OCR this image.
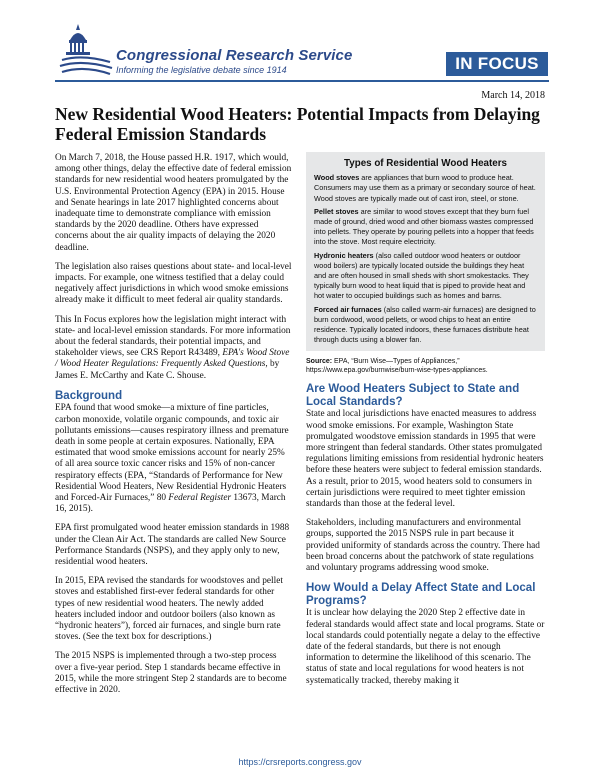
Congressional Research Service
Informing the legislative debate since 1914	IN FOCUS
March 14, 2018
New Residential Wood Heaters: Potential Impacts from Delaying Federal Emission Standards

On March 7, 2018, the House passed H.R. 1917, which would, among other things, delay the effective date of federal emission standards for new residential wood heaters promulgated by the U.S. Environmental Protection Agency (EPA) in 2015. House and Senate hearings in late 2017 highlighted concerns about inadequate time to demonstrate compliance with emission standards by the 2020 deadline. Others have expressed concerns about the air quality impacts of delaying the 2020 deadline.

The legislation also raises questions about state- and local-level impacts. For example, one witness testified that a delay could negatively affect jurisdictions in which wood smoke emissions already make it difficult to meet federal air quality standards.

This In Focus explores how the legislation might interact with state- and local-level emission standards. For more information about the federal standards, their potential impacts, and stakeholder views, see CRS Report R43489, EPA's Wood Stove / Wood Heater Regulations: Frequently Asked Questions, by James E. McCarthy and Kate C. Shouse.

Background

EPA found that wood smoke—a mixture of fine particles, carbon monoxide, volatile organic compounds, and toxic air pollutants emissions—causes respiratory illness and premature death in some people at certain exposures. Nationally, EPA estimated that wood smoke emissions account for nearly 25% of all area source toxic cancer risks and 15% of non-cancer respiratory effects (EPA, “Standards of Performance for New Residential Wood Heaters, New Residential Hydronic Heaters and Forced-Air Furnaces,” 80 Federal Register 13673, March 16, 2015).

EPA first promulgated wood heater emission standards in 1988 under the Clean Air Act. The standards are called New Source Performance Standards (NSPS), and they apply only to new, residential wood heaters.

In 2015, EPA revised the standards for woodstoves and pellet stoves and established first-ever federal standards for other types of new residential wood heaters. The newly added heaters included indoor and outdoor boilers (also known as “hydronic heaters”), forced air furnaces, and single burn rate stoves. (See the text box for descriptions.)

The 2015 NSPS is implemented through a two-step process over a five-year period. Step 1 standards became effective in 2015, while the more stringent Step 2 standards are to become effective in 2020.

Types of Residential Wood Heaters

Wood stoves are appliances that burn wood to produce heat. Consumers may use them as a primary or secondary source of heat. Wood stoves are typically made out of cast iron, steel, or stone.

Pellet stoves are similar to wood stoves except that they burn fuel made of ground, dried wood and other biomass wastes compressed into pellets. They operate by pouring pellets into a hopper that feeds into the stove. Most require electricity.

Hydronic heaters (also called outdoor wood heaters or outdoor wood boilers) are typically located outside the buildings they heat and are often housed in small sheds with short smokestacks. They typically burn wood to heat liquid that is piped to provide heat and hot water to occupied buildings such as homes and barns.

Forced air furnaces (also called warm-air furnaces) are designed to burn cordwood, wood pellets, or wood chips to heat an entire residence. Typically located indoors, these furnaces distribute heat through ducts using a blower fan.

Source: EPA, “Burn Wise—Types of Appliances,” https://www.epa.gov/burnwise/burn-wise-types-appliances.
Are Wood Heaters Subject to State and Local Standards?

State and local jurisdictions have enacted measures to address wood smoke emissions. For example, Washington State promulgated woodstove emission standards in 1995 that were more stringent than federal standards. Other states promulgated regulations limiting emissions from residential hydronic heaters before these heaters were subject to federal emission standards. As a result, prior to 2015, wood heaters sold to consumers in certain jurisdictions were required to meet tighter emission standards than those at the federal level.

Stakeholders, including manufacturers and environmental groups, supported the 2015 NSPS rule in part because it provided uniformity of standards across the country. There had been broad concerns about the patchwork of state regulations and voluntary programs addressing wood smoke.

How Would a Delay Affect State and Local Programs?

It is unclear how delaying the 2020 Step 2 effective date in federal standards would affect state and local programs. State or local standards could potentially negate a delay to the effective date of the federal standards, but there is not enough information to determine the likelihood of this scenario. The status of state and local regulations for wood heaters is not systematically tracked, thereby making it

https://crsreports.congress.gov
